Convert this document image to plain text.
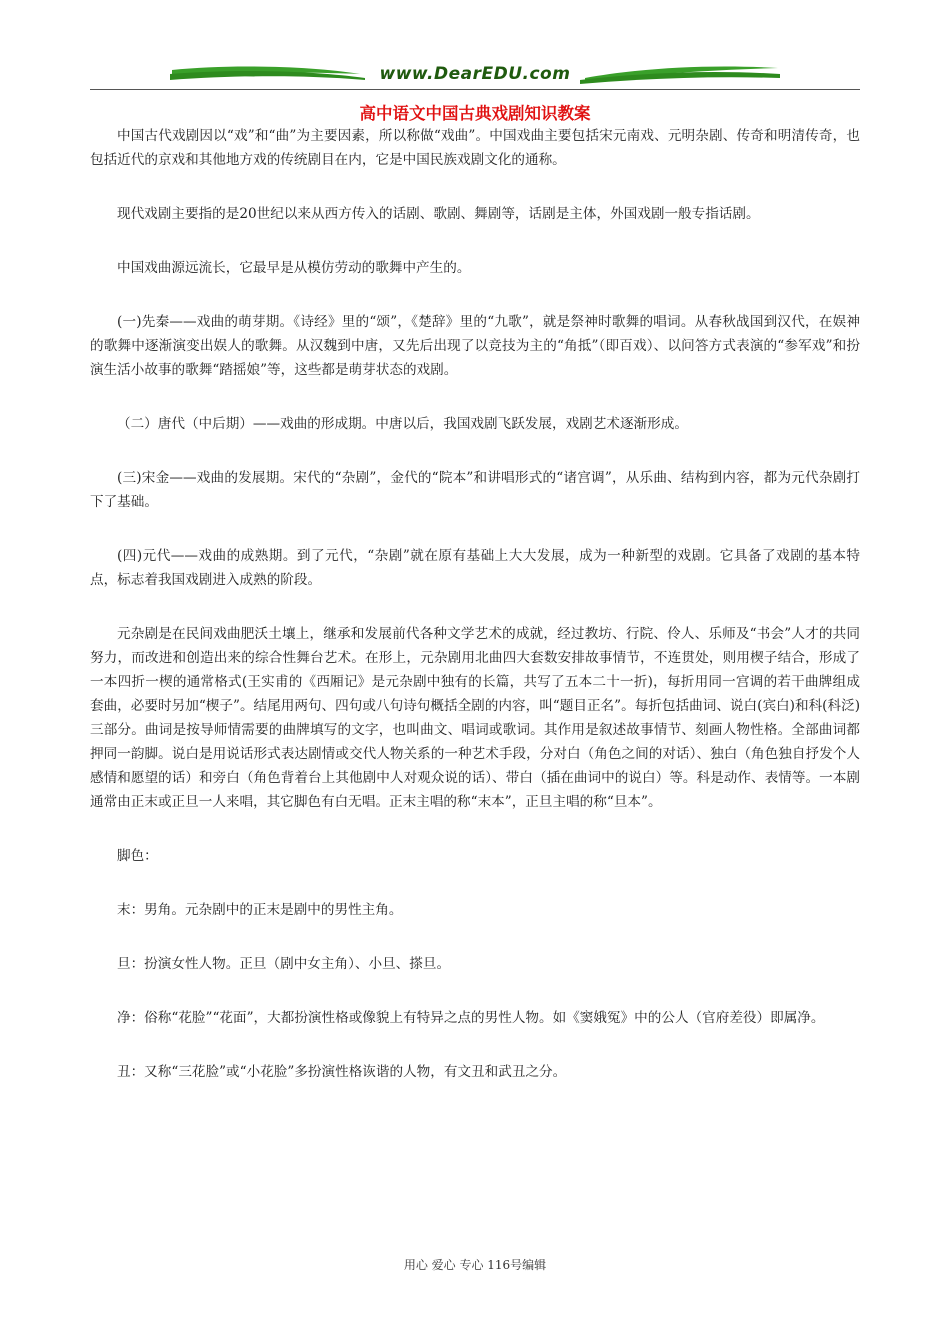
www.DearEDU.com
高中语文中国古典戏剧知识教案

中国古代戏剧因以“戏”和“曲”为主要因素，所以称做“戏曲”。中国戏曲主要包括宋元南戏、元明杂剧、传奇和明清传奇，也包括近代的京戏和其他地方戏的传统剧目在内，它是中国民族戏剧文化的通称。

现代戏剧主要指的是20世纪以来从西方传入的话剧、歌剧、舞剧等，话剧是主体，外国戏剧一般专指话剧。

中国戏曲源远流长，它最早是从模仿劳动的歌舞中产生的。

(一)先秦——戏曲的萌芽期。《诗经》里的“颂”，《楚辞》里的“九歌”，就是祭神时歌舞的唱词。从春秋战国到汉代，在娱神的歌舞中逐渐演变出娱人的歌舞。从汉魏到中唐，又先后出现了以竞技为主的“角抵”（即百戏）、以问答方式表演的“参军戏”和扮演生活小故事的歌舞“踏摇娘”等，这些都是萌芽状态的戏剧。

（二）唐代（中后期）——戏曲的形成期。中唐以后，我国戏剧飞跃发展，戏剧艺术逐渐形成。

(三)宋金——戏曲的发展期。宋代的“杂剧”，金代的“院本”和讲唱形式的“诸宫调”，从乐曲、结构到内容，都为元代杂剧打下了基础。

(四)元代——戏曲的成熟期。到了元代，“杂剧”就在原有基础上大大发展，成为一种新型的戏剧。它具备了戏剧的基本特点，标志着我国戏剧进入成熟的阶段。

元杂剧是在民间戏曲肥沃土壤上，继承和发展前代各种文学艺术的成就，经过教坊、行院、伶人、乐师及“书会”人才的共同努力，而改进和创造出来的综合性舞台艺术。在形上，元杂剧用北曲四大套数安排故事情节，不连贯处，则用楔子结合，形成了一本四折一楔的通常格式(王实甫的《西厢记》是元杂剧中独有的长篇，共写了五本二十一折)，每折用同一宫调的若干曲牌组成套曲，必要时另加“楔子”。结尾用两句、四句或八句诗句概括全剧的内容，叫“题目正名”。每折包括曲词、说白(宾白)和科(科泛)三部分。曲词是按导师情需要的曲牌填写的文字，也叫曲文、唱词或歌词。其作用是叙述故事情节、刻画人物性格。全部曲词都押同一韵脚。说白是用说话形式表达剧情或交代人物关系的一种艺术手段，分对白（角色之间的对话）、独白（角色独自抒发个人感情和愿望的话）和旁白（角色背着台上其他剧中人对观众说的话）、带白（插在曲词中的说白）等。科是动作、表情等。一本剧通常由正末或正旦一人来唱，其它脚色有白无唱。正末主唱的称“末本”，正旦主唱的称“旦本”。

脚色：

末：男角。元杂剧中的正末是剧中的男性主角。

旦：扮演女性人物。正旦（剧中女主角）、小旦、搽旦。

净：俗称“花脸”“花面”，大都扮演性格或像貌上有特异之点的男性人物。如《窦娥冤》中的公人（官府差役）即属净。

丑：又称“三花脸”或“小花脸”多扮演性格诙谐的人物，有文丑和武丑之分。

用心 爱心 专心 116号编辑
